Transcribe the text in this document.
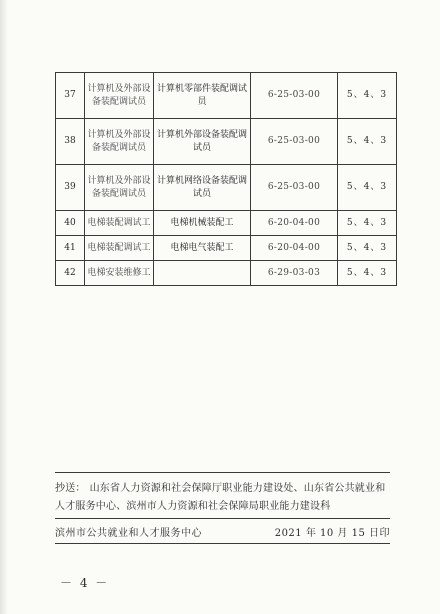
37	计算机及外部设备装配调试员	计算机零部件装配调试员	6-25-03-00	5、4、3
38	计算机及外部设备装配调试员	计算机外部设备装配调试员	6-25-03-00	5、4、3
39	计算机及外部设备装配调试员	计算机网络设备装配调试员	6-25-03-00	5、4、3
40	电梯装配调试工	电梯机械装配工	6-20-04-00	5、4、3
41	电梯装配调试工	电梯电气装配工	6-20-04-00	5、4、3
42	电梯安装维修工		6-29-03-03	5、4、3
抄送： 山东省人力资源和社会保障厅职业能力建设处、山东省公共就业和人才服务中心、滨州市人力资源和社会保障局职业能力建设科
滨州市公共就业和人才服务中心	2021 年 10 月 15 日印
－ 4 －
